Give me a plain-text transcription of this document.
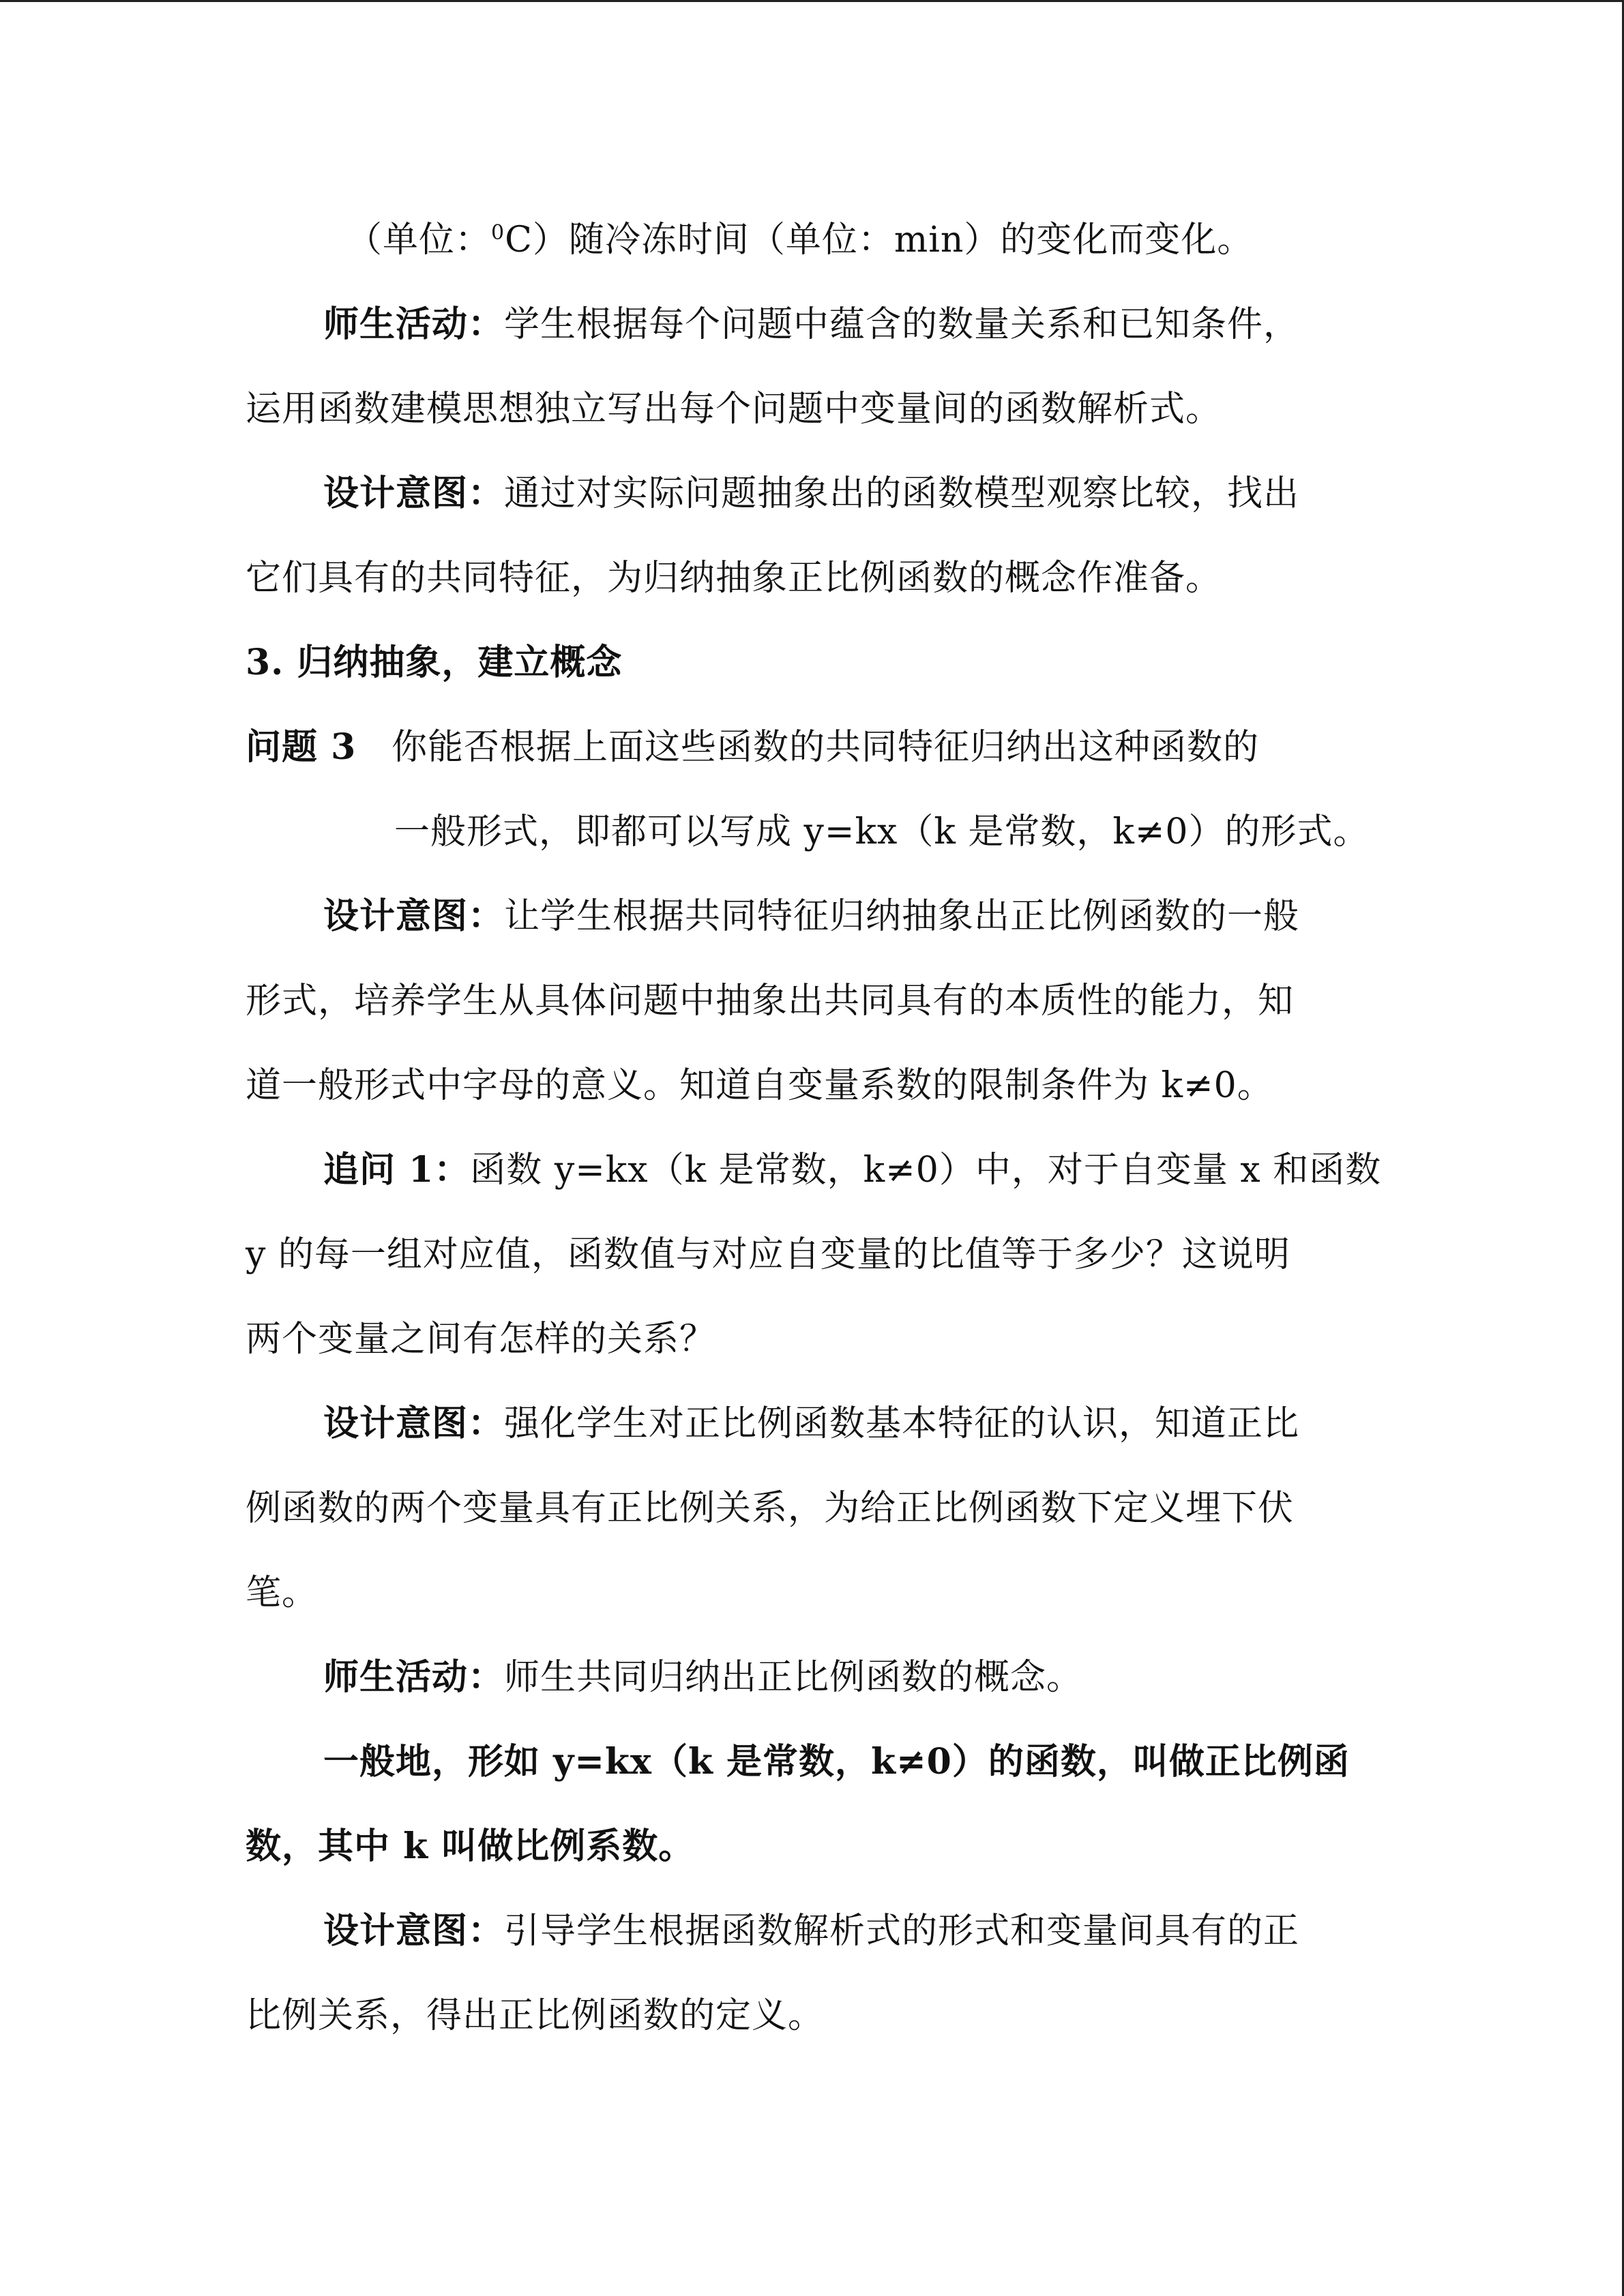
（单位：$^0$C）随冷冻时间（单位：min）的变化而变化。
师生活动：学生根据每个问题中蕴含的数量关系和已知条件，
运用函数建模思想独立写出每个问题中变量间的函数解析式。
设计意图：通过对实际问题抽象出的函数模型观察比较，找出
它们具有的共同特征，为归纳抽象正比例函数的概念作准备。
3. 归纳抽象，建立概念
问题 3 你能否根据上面这些函数的共同特征归纳出这种函数的
一般形式，即都可以写成 y=kx（k 是常数，k≠0）的形式。
设计意图：让学生根据共同特征归纳抽象出正比例函数的一般
形式，培养学生从具体问题中抽象出共同具有的本质性的能力，知
道一般形式中字母的意义。知道自变量系数的限制条件为 k≠0。
追问 1：函数 y=kx（k 是常数，k≠0）中，对于自变量 x 和函数
y 的每一组对应值，函数值与对应自变量的比值等于多少？这说明
两个变量之间有怎样的关系？
设计意图：强化学生对正比例函数基本特征的认识，知道正比
例函数的两个变量具有正比例关系，为给正比例函数下定义埋下伏
笔。
师生活动：师生共同归纳出正比例函数的概念。
一般地，形如 y=kx（k 是常数，k≠0）的函数，叫做正比例函
数，其中 k 叫做比例系数。
设计意图：引导学生根据函数解析式的形式和变量间具有的正
比例关系，得出正比例函数的定义。
